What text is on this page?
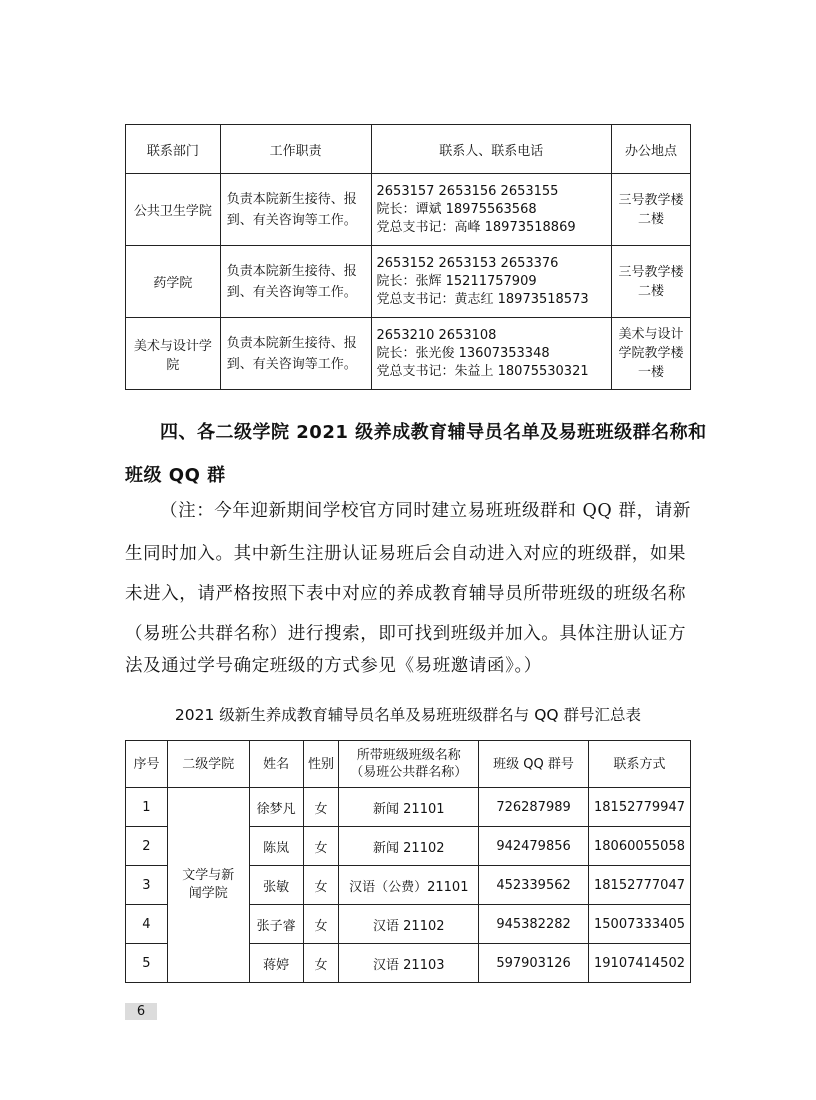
联系部门	工作职责	联系人、联系电话	办公地点
公共卫生学院	负责本院新生接待、报到、有关咨询等工作。	2653157 2653156 2653155
院长：谭斌 18975563568
党总支书记：高峰 18973518869	三号教学楼二楼
药学院	负责本院新生接待、报到、有关咨询等工作。	2653152 2653153 2653376
院长：张辉 15211757909
党总支书记：黄志红 18973518573	三号教学楼二楼
美术与设计学院	负责本院新生接待、报到、有关咨询等工作。	2653210 2653108
院长：张光俊 13607353348
党总支书记：朱益上 18075530321	美术与设计学院教学楼一楼
四、各二级学院 2021 级养成教育辅导员名单及易班班级群名称和
班级 QQ 群
（注：今年迎新期间学校官方同时建立易班班级群和 QQ 群，请新
生同时加入。其中新生注册认证易班后会自动进入对应的班级群，如果
未进入，请严格按照下表中对应的养成教育辅导员所带班级的班级名称
（易班公共群名称）进行搜索，即可找到班级并加入。具体注册认证方
法及通过学号确定班级的方式参见《易班邀请函》。）
2021 级新生养成教育辅导员名单及易班班级群名与 QQ 群号汇总表
序号	二级学院	姓名	性别	所带班级班级名称
（易班公共群名称）	班级 QQ 群号	联系方式
1	文学与新闻学院	徐梦凡	女	新闻 21101	726287989	18152779947
2		陈岚	女	新闻 21102	942479856	18060055058
3		张敏	女	汉语（公费）21101	452339562	18152777047
4		张子睿	女	汉语 21102	945382282	15007333405
5		蒋婷	女	汉语 21103	597903126	19107414502
6
